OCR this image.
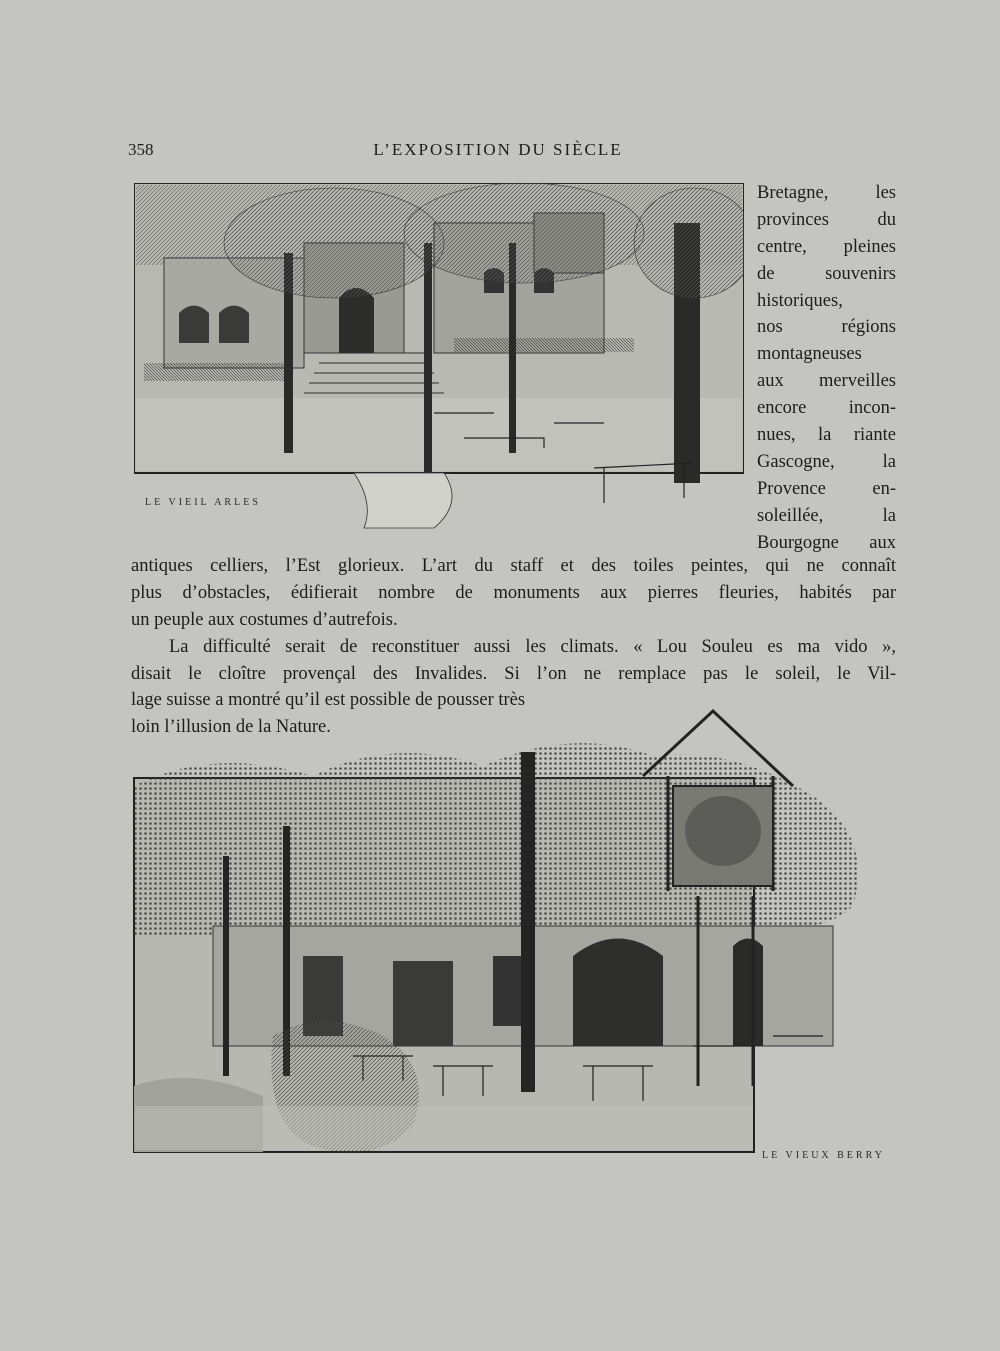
358	L’EXPOSITION DU SIÈCLE
LE VIEIL ARLES
Bretagne, les
provinces du
centre, pleines
de souvenirs
historiques,
nos régions
montagneuses
aux merveilles
encore incon-
nues, la riante
Gascogne, la
Provence en-
soleillée, la
Bourgogne aux
antiques celliers, l’Est glorieux. L’art du staff et des toiles peintes, qui ne connaît
plus d’obstacles, édifierait nombre de monuments aux pierres fleuries, habités par
un peuple aux costumes d’autrefois.
La difficulté serait de reconstituer aussi les climats. « Lou Souleu es ma vido »,
disait le cloître provençal des Invalides. Si l’on ne remplace pas le soleil, le Vil-
lage suisse a montré qu’il est possible de pousser très
loin l’illusion de la Nature.
LE VIEUX BERRY
